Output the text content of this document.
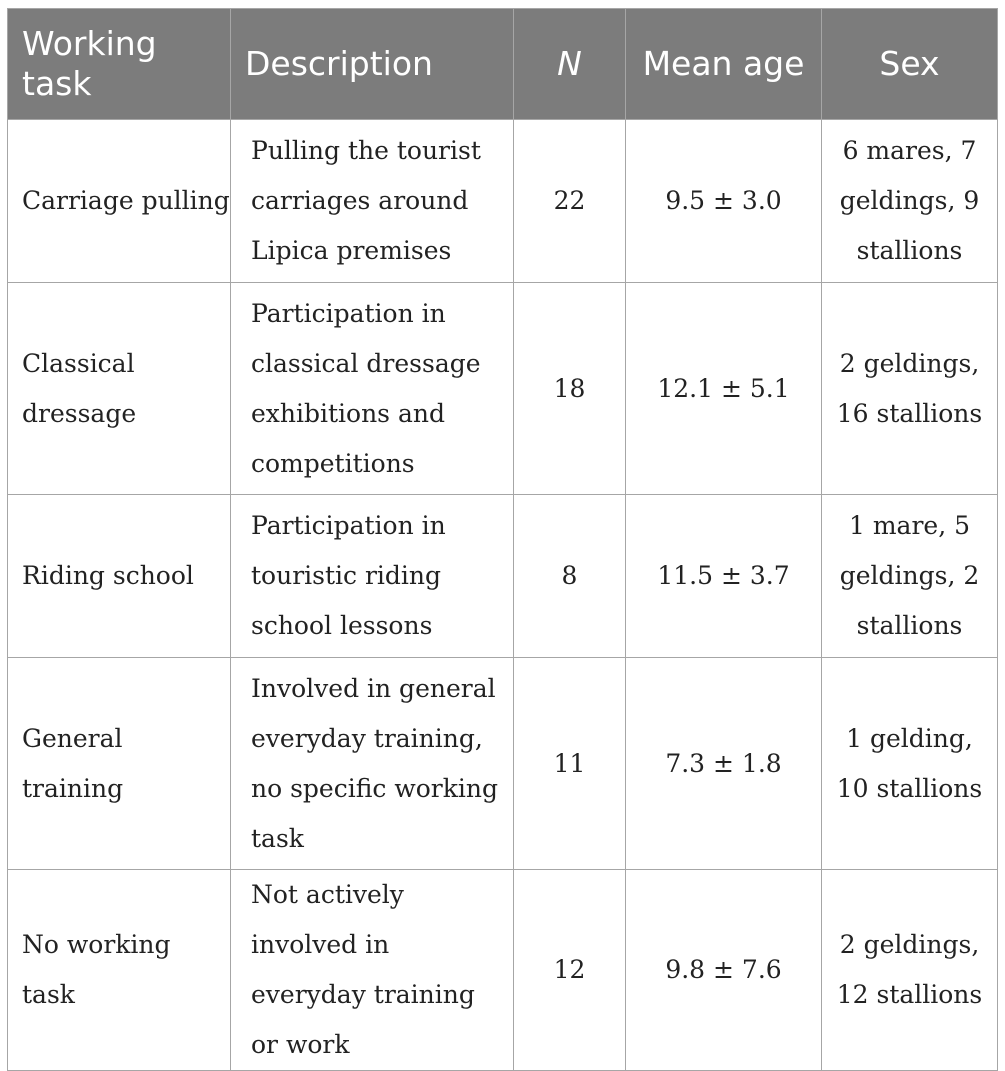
Working task	Description	N	Mean age	Sex
Carriage pulling	Pulling the tourist carriages around Lipica premises	22	9.5 ± 3.0	6 mares, 7 geldings, 9 stallions
Classical dressage	Participation in classical dressage exhibitions and competitions	18	12.1 ± 5.1	2 geldings, 16 stallions
Riding school	Participation in touristic riding school lessons	8	11.5 ± 3.7	1 mare, 5 geldings, 2 stallions
General training	Involved in general everyday training, no specific working task	11	7.3 ± 1.8	1 gelding, 10 stallions
No working task	Not actively involved in everyday training or work	12	9.8 ± 7.6	2 geldings, 12 stallions
